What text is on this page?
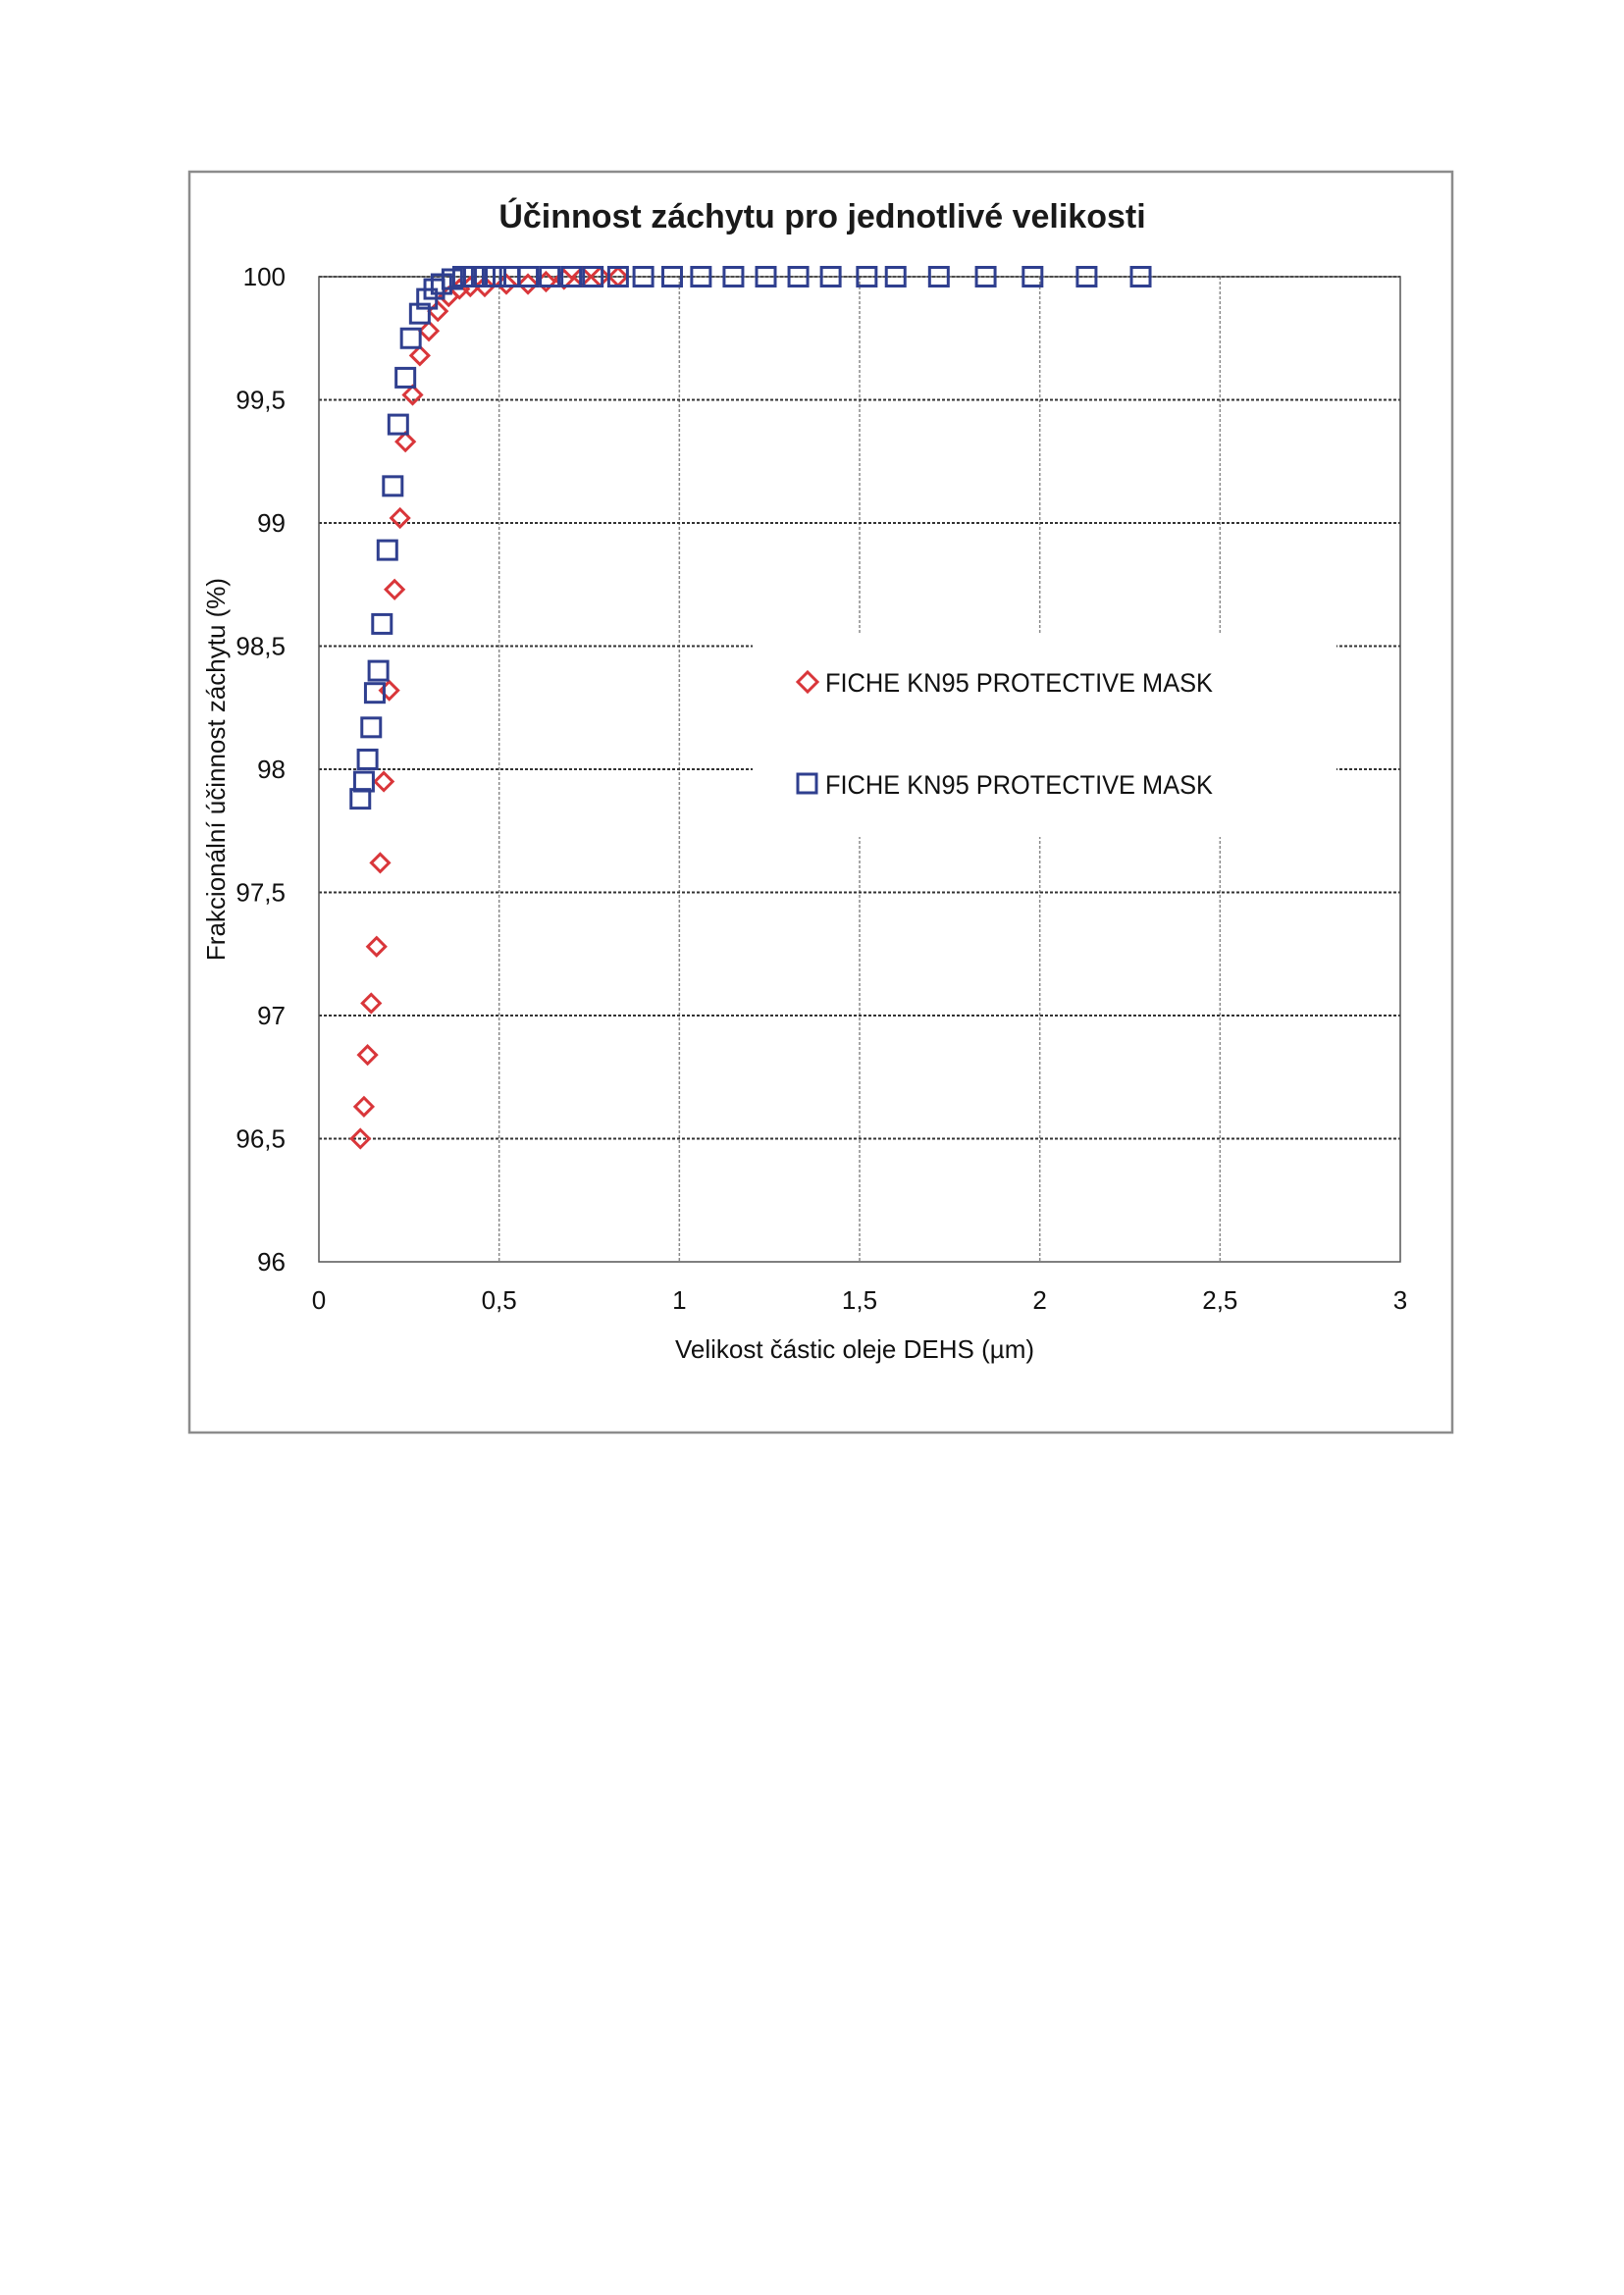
Účinnost záchytu pro jednotlivé velikosti
0	0,5	1	1,5	2	2,5	3
96
96,5
97
97,5
98
98,5
99
99,5
100
Velikost částic oleje DEHS (µm)
Frakcionální účinnost záchytu (%)	FICHE KN95 PROTECTIVE MASK
FICHE KN95 PROTECTIVE MASK
